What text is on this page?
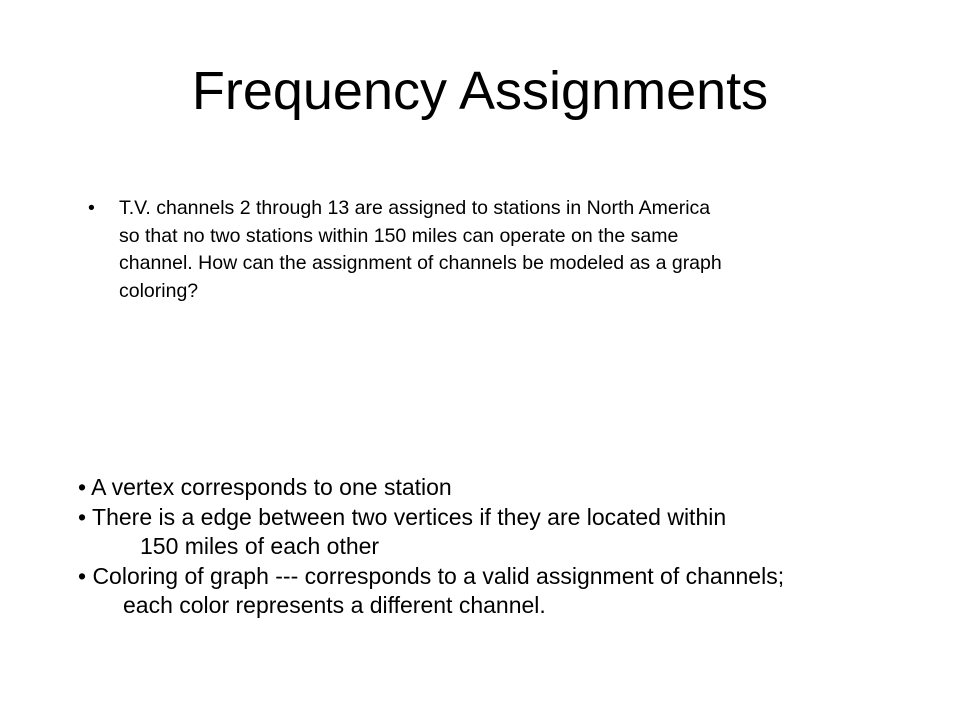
Frequency Assignments
• T.V. channels 2 through 13 are assigned to stations in North America
so that no two stations within 150 miles can operate on the same
channel. How can the assignment of channels be modeled as a graph
coloring?
• A vertex corresponds to one station
• There is a edge between two vertices if they are located within
150 miles of each other
• Coloring of graph --- corresponds to a valid assignment of channels;
each color represents a different channel.
